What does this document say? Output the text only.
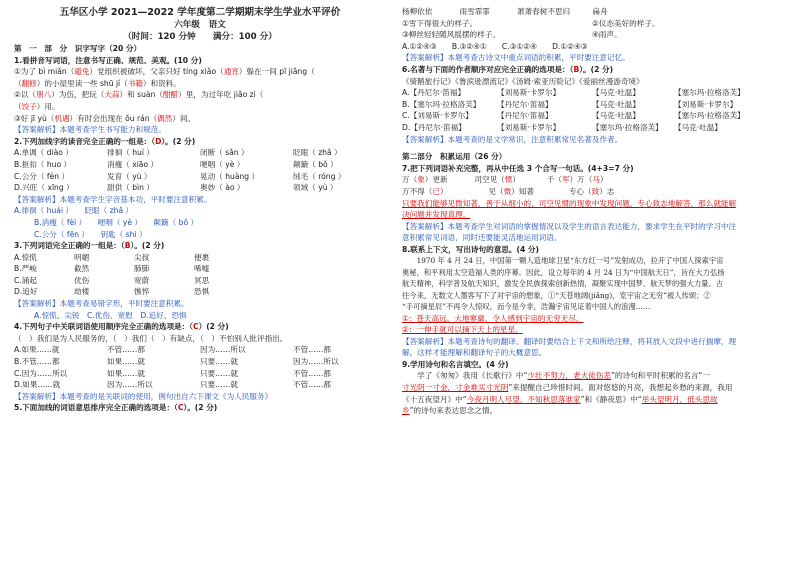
五华区小学 2021—2022 学年度第二学期期末学生学业水平评价
六年级　语文
（时间：120 分钟　　满分：100 分）
第　一　部　分　识字写字（20 分）
1.看拼音写词语，注意书写正确、规范、美观。(10 分)
①为了 bì miǎn（避免）党组织被破坏，父亲只好 tíng xiǎo（通宵）躲在一间 pī jiǎng（
（翻修）的小屋里读一些 shū jí（书籍）和资料。
②以（朋八）为伍，把玩（大蒜）和 suàn（酣醋）里，为过年吃 jiǎo zi（
（饺子）用。
③好 jī yù（机遇）有时会出现在 ǒu rán（偶然）间。
【答案解析】本题考查学生书写能力和规范。
2.下列加线字的读音完全正确的一组是：（D）。(2 分)
A.单调（ diào ）	徘徊（ huí ）	闭断（ sǎn ）	眨眼（ zhǎ ）
B.抠扣（ huo ）	消瘦（ xiāo ）	哽咽（ yè ）	颠簸（ bǒ ）
C.公分（ fèn ）	发育（ yù ）	晃动（ huàng ）	绒毛（ róng ）
D.兴旺（ xīng ）	甜供（ bìn ）	奥妙（ ào ）	领域（ yù ）
【答案解析】本题考查学生字音基本功，平时要注意积累。
A.徘徊（ huái ）　　眨眼（ zhǎ ）
B.消瘦（ fèi ）　　哽咽（ yè ）　　颠簸（ bǒ ）
C.公分（ fēn ）　　钥匙（ shi ）
3.下列词语完全正确的一组是：（B）。(2 分)
A.惊慌	明媚	尖叔	便裹
B.严峻	截然	肺肺	唏嘘
C.涌起	优伤	宽蔚	冥思
D.追好	劫楼	憔悴	恐惧
【答案解析】本题考查易错字形，平时要注意积累。
A.惊慌、尖锐　C.优伤、宽慰　D.追好、恐惧
4.下列句子中关联词语使用顺序完全正确的选项是：（C）(2 分)
（　）我们是为人民服务的，（　）我们（　）有缺点，（　）不怕别人批评指出。
A.如果……就	不管……都	因为……所以	不管……都
B.不管……都	如果……就	只要……就	因为……所以
C.因为……所以	如果……就	只要……就	不管……都
D.如果……就	因为……所以	只要……就	不管……都
【答案解析】本题考查的是关联词的使用，例句出自六下课文《为人民服务》
5.下面加线的词语意思排序完全正确的选项是：（C）。(2 分)
杨柳依依	雨雪霏霏	萧萧春树不思归	扁舟
①雪下得很大的样子。	②仪态美好的样子。
③柳丝轻轻随风摇摆的样子。	④雨声。
A.①②④③　　B.③②④①　　C.③①②④　　D.①②④③
【答案解析】本题考查古诗文中重点词语的积累，平时要注意记忆。
6.名著与下面的作者顺序对应完全正确的选项是：（B）。(2 分)
《骑鹅旅行记》《鲁滨逊漂流记》《汤姆·索亚历险记》《爱丽丝漫游奇境》
A.【丹尼尔·笛福】	【刘易斯·卡罗尔】	【马克·吐温】	【塞尔玛·拉格洛芙】
B.【塞尔玛·拉格洛芙】	【丹尼尔·笛福】	【马克·吐温】	【刘易斯·卡罗尔】
C.【刘易斯·卡罗尔】	【丹尼尔·笛福】	【马克·吐温】	【塞尔玛·拉格洛芙】
D.【丹尼尔·笛福】	【刘易斯·卡罗尔】	【塞尔玛·拉格洛芙】	【马克·吐温】
【答案解析】本题考查的是文学常识，注意积累常见名著及作者。
第二部分　积累运用（26 分）
7.把下列词语补充完整，再从中任选 3 个合写一句话。(4+3=7 分)
万（象）更新	司空见（惯）	千（军）万（马）
万不得（已）	见（微）知著	专心（致）志
只要我们能够见微知著，善于从细小的、司空见惯的现象中发现问题，专心致志地解答，那么就能解
决问题并发现真理。
【答案解析】本题考查学生对词语的掌握情况以及学生的语言表达能力，要求学生在平时的学习中注
意积累常见词语，同时还要能灵活地运用词语。
8.联系上下文，写出诗句的意思。(4 分)
　　1970 年 4 月 24 日，中国第一颗人造地球卫星“东方红一号”发射成功，拉开了中国人探索宇宙
奥秘，和平利用太空造福人类的序幕。因此，设立每年的 4 月 24 日为“中国航天日”，旨在大力弘扬
航天精神，科学普及航天知识，激发全民族探索创新热情，凝聚实现中国梦、航天梦的强大力量。古
往今来，无数文人墨客写下了对宇宙的想象，①“天苍地阔(jiǎng)，览宇宙之无穷”被人传颂；②
“手可摘星辰”不再令人惊叹，而今是今非，浩瀚宇宙见证着中国人的浪漫……
①：苍天高远，大地寥廓，令人感到宇宙的无穷无尽。
②：一伸手就可以摘下天上的星星。
【答案解析】本题考查诗句的翻译。翻译时要结合上下文和所给注释，将其放入文段中进行揣摩，理
解，这样才能理解和翻译句子的大概意思。
9.学用诗句和名言填空。(4 分)
　　学了《匆匆》我用《长歌行》中“少壮不努力，老大徒伤悲”的诗句和平时积累的名言“一
寸光阴一寸金，寸金难买寸光阴”来提醒自己珍惜时间。面对悠悠的月亮，我想起乡愁的来源，我用
《十五夜望月》中“今夜月明人尽望，不知秋思落谁家”和《静夜思》中“举头望明月，低头思故
乡”的诗句来表达思念之情。
